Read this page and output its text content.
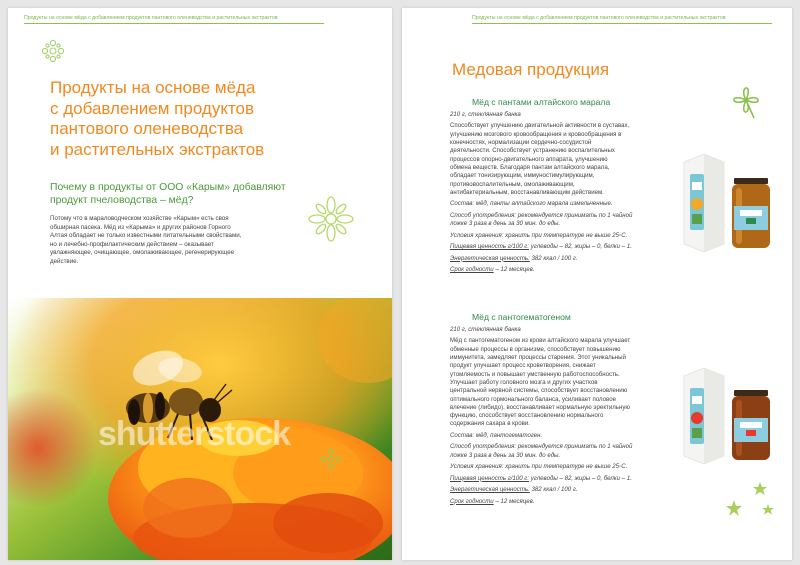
Продукты на основе мёда с добавлением продуктов пантового оленеводства и растительных экстрактов
Продукты на основе мёда
с добавлением продуктов
пантового оленеводства
и растительных экстрактов
Почему в продукты от ООО «Карым» добавляют
продукт пчеловодства – мёд?
Потому что в мараловодческом хозяйстве «Карым» есть своя
обширная пасека. Мёд из «Карыма» и других районов Горного
Алтая обладает не только известными питательными свойствами,
но и лечебно-профилактическим действием – оказывает
увлажняющее, очищающее, омолаживающее, регенерирующее
действие.
shutterstock
Продукты на основе мёда с добавлением продуктов пантового оленеводства и растительных экстрактов
Медовая продукция
Мёд с пантами алтайского марала

210 г, стеклянная банка

Способствует улучшению двигательной активности в суставах,
улучшению мозгового кровообращения и кровообращения в
конечностях, нормализации сердечно-сосудистой
деятельности. Способствует устранению воспалительных
процессов опорно-двигательного аппарата, улучшению
обмена веществ. Благодаря пантам алтайского марала,
обладает тонизирующим, иммуностимулирующим,
противовоспалительным, омолаживающим,
антибактериальным, восстанавливающим действием.

Состав: мёд, панты алтайского марала измельченные.

Способ употребления: рекомендуется принимать по 1 чайной
ложке 3 раза в день за 30 мин. до еды.

Условия хранения: хранить при температуре не выше 25◦С.

Пищевая ценность г/100 г: углеводы – 82, жиры – 0, белки – 1.

Энергетическая ценность: 382 ккал / 100 г.

Срок годности – 12 месяцев.

Мёд с пантогематогеном

210 г, стеклянная банка

Мёд с пантогематогеном из крови алтайского марала улучшает
обменные процессы в организме, способствует повышению
иммунитета, замедляет процессы старения. Этот уникальный
продукт улучшает процесс кроветворения, снижает
утомляемость и повышает умственную работоспособность.
Улучшает работу головного мозга и других участков
центральной нервной системы, способствует восстановлению
оптимального гормонального баланса, усиливает половое
влечение (либидо), восстанавливает нормальную эректильную
функцию, способствует восстановлению нормального
содержания сахара в крови.

Состав: мёд, пантогематоген.

Способ употребления: рекомендуется принимать по 1 чайной
ложке 3 раза в день за 30 мин. до еды.

Условия хранения: хранить при температуре не выше 25◦С.

Пищевая ценность г/100 г: углеводы – 82, жиры – 0, белки – 1.

Энергетическая ценность: 382 ккал / 100 г.

Срок годности – 12 месяцев.
